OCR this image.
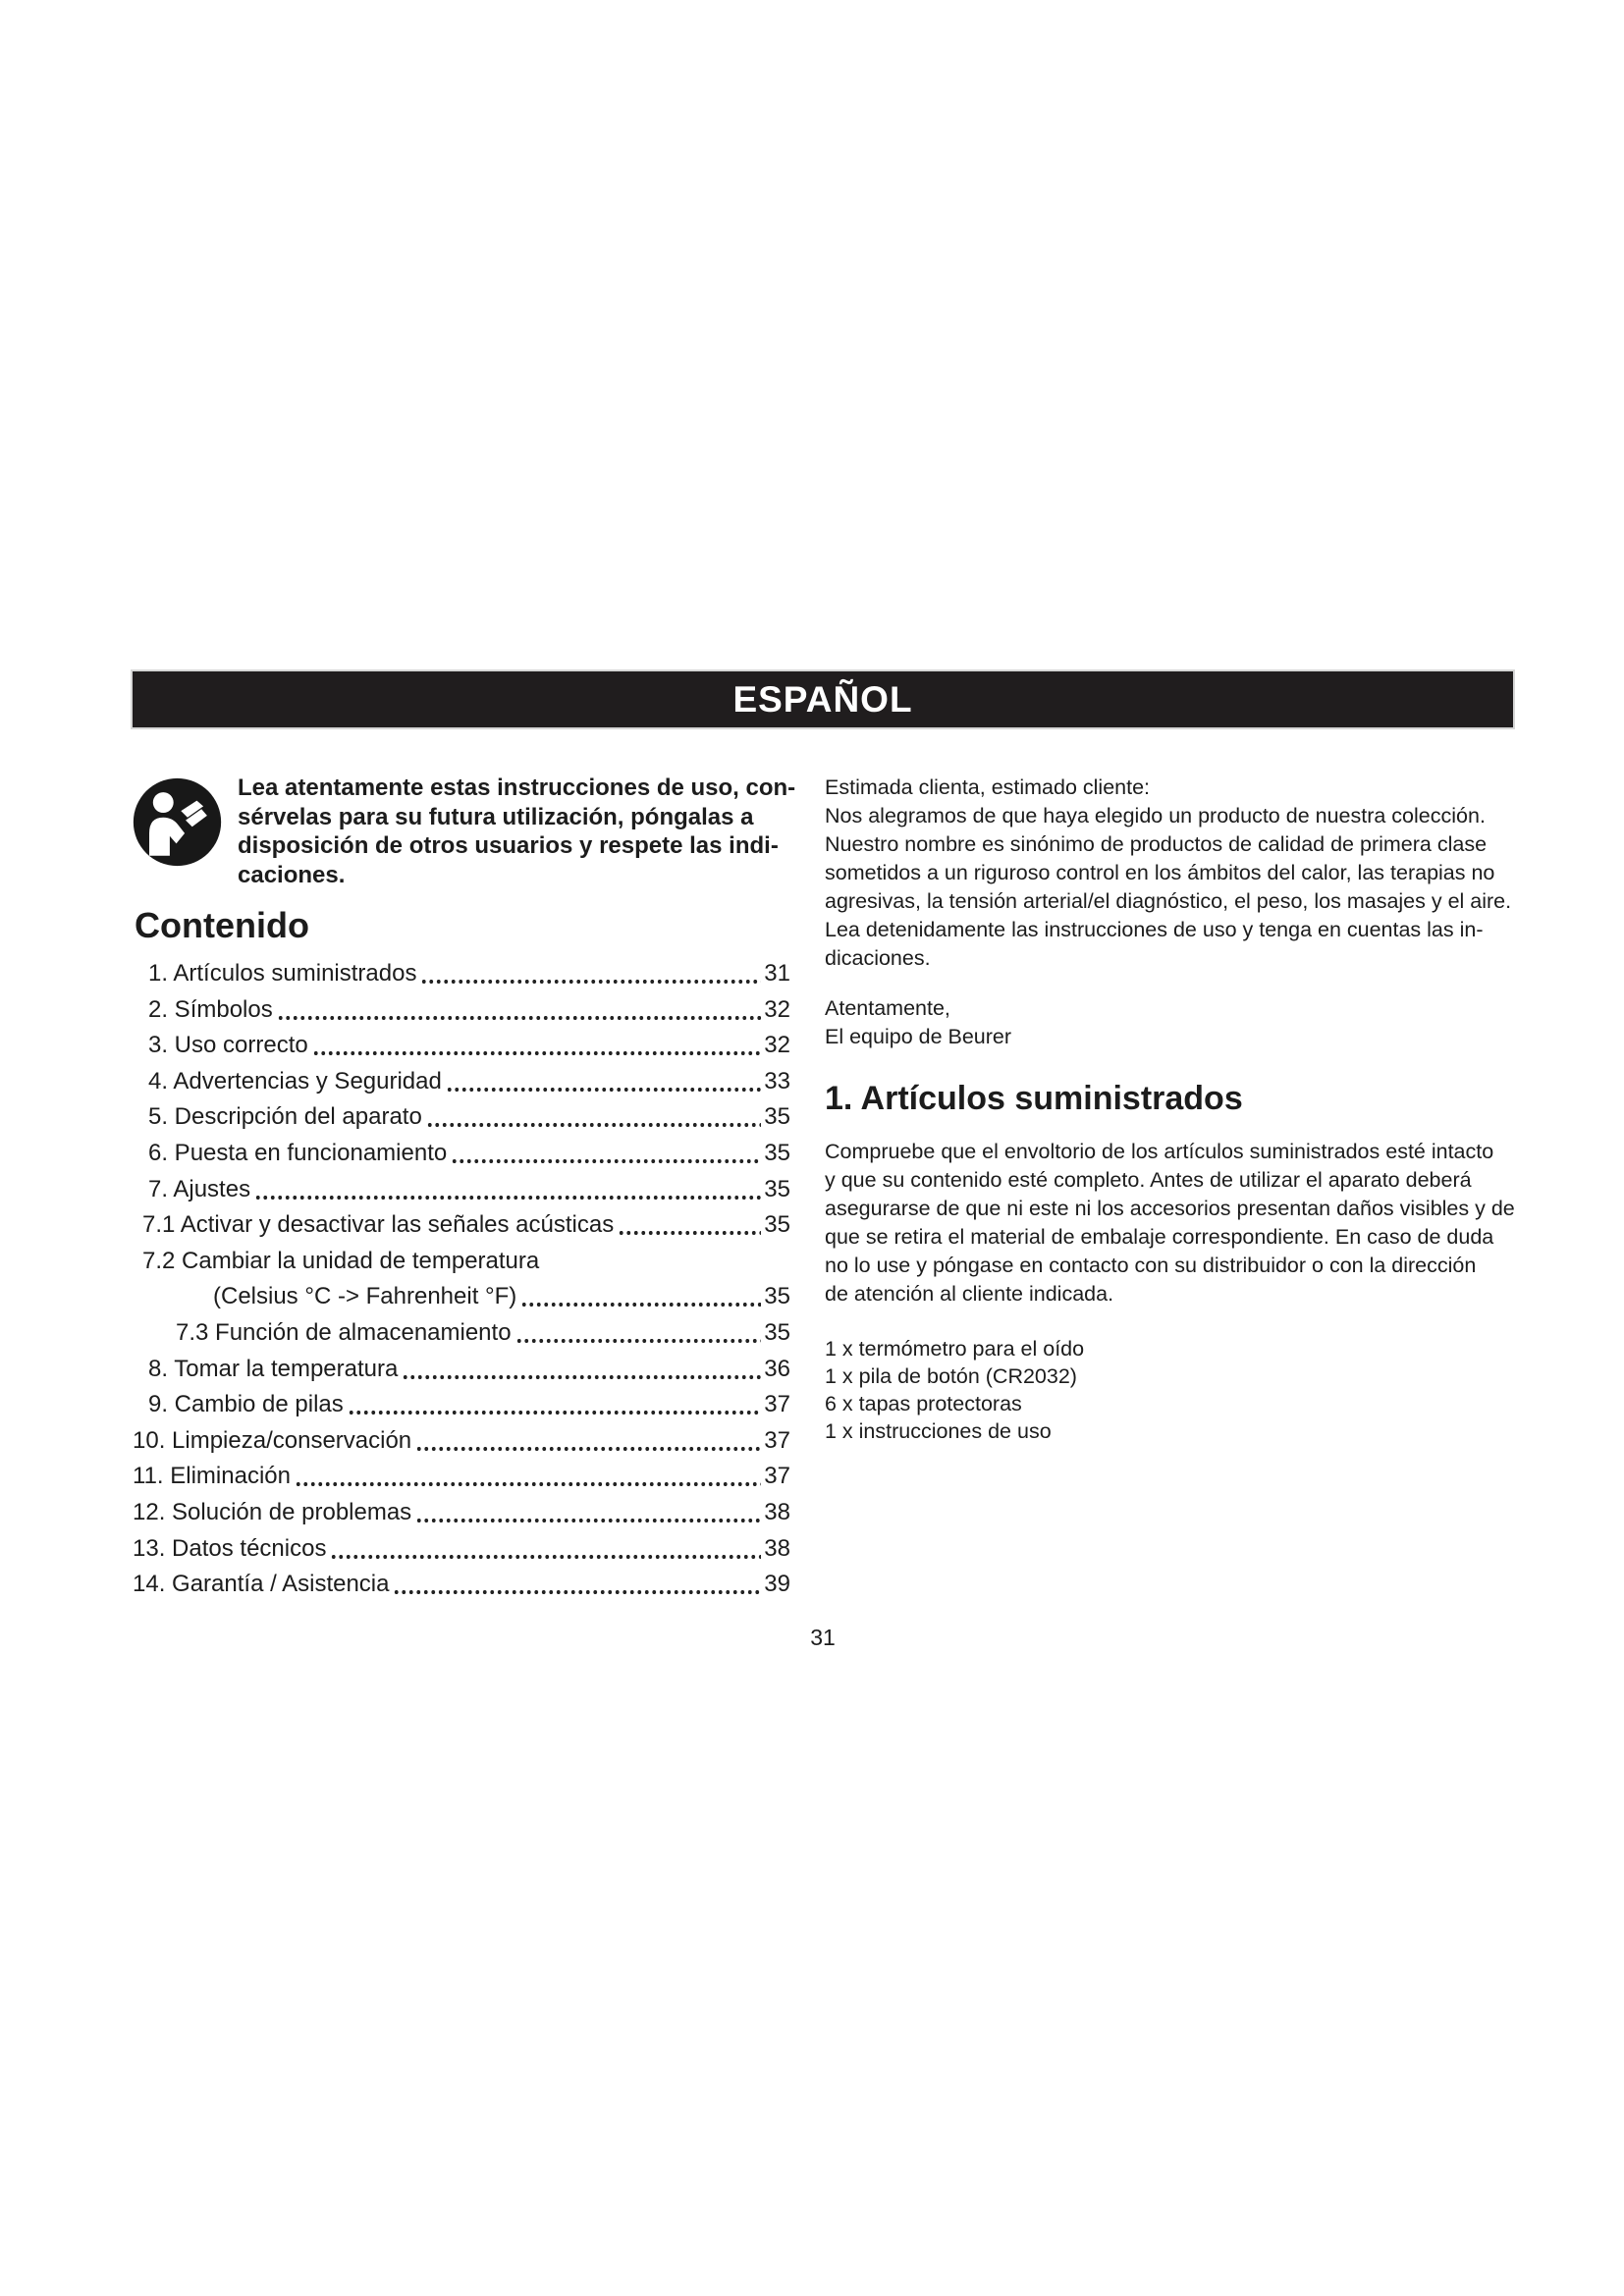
ESPAÑOL
Lea atentamente estas instrucciones de uso, con-
sérvelas para su futura utilización, póngalas a
disposición de otros usuarios y respete las indi-
caciones.
Contenido
1. Artículos suministrados	31
2. Símbolos	32
3. Uso correcto	32
4. Advertencias y Seguridad	33
5. Descripción del aparato	35
6. Puesta en funcionamiento	35
7. Ajustes	35
7.1 Activar y desactivar las señales acústicas	35
7.2 Cambiar la unidad de temperatura
(Celsius °C -> Fahrenheit °F)	35
7.3 Función de almacenamiento	35
8. Tomar la temperatura	36
9. Cambio de pilas	37
10. Limpieza/conservación	37
11. Eliminación	37
12. Solución de problemas	38
13. Datos técnicos	38
14. Garantía / Asistencia	39
Estimada clienta, estimado cliente:
Nos alegramos de que haya elegido un producto de nuestra colección.
Nuestro nombre es sinónimo de productos de calidad de primera clase
sometidos a un riguroso control en los ámbitos del calor, las terapias no
agresivas, la tensión arterial/el diagnóstico, el peso, los masajes y el aire.
Lea detenidamente las instrucciones de uso y tenga en cuentas las in-
dicaciones.
Atentamente,
El equipo de Beurer
1. Artículos suministrados
Compruebe que el envoltorio de los artículos suministrados esté intacto
y que su contenido esté completo. Antes de utilizar el aparato deberá
asegurarse de que ni este ni los accesorios presentan daños visibles y de
que se retira el material de embalaje correspondiente. En caso de duda
no lo use y póngase en contacto con su distribuidor o con la dirección
de atención al cliente indicada.
1 x termómetro para el oído
1 x pila de botón (CR2032)
6 x tapas protectoras
1 x instrucciones de uso
31
